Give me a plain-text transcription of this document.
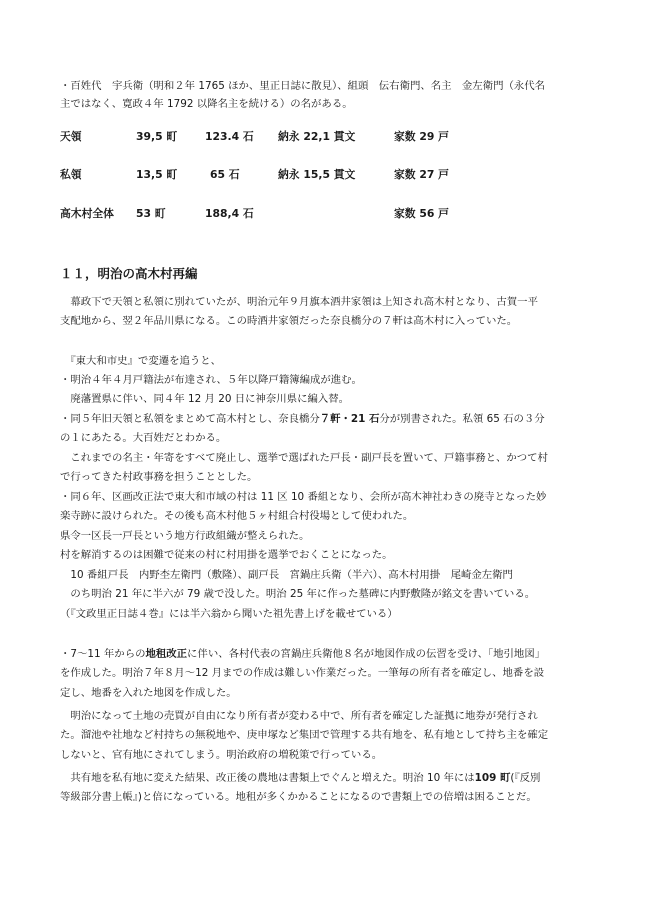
・百姓代　宇兵衛（明和２年 1765 ほか、里正日誌に散見）、組頭　伝右衛門、名主　金左衛門（永代名
主ではなく、寛政４年 1792 以降名主を続ける）の名がある。
天領	39,5 町	123.4 石 納永 22,1 貫文	家数 29 戸
私領	13,5 町	65 石	納永 15,5 貫文	家数 27 戸
高木村全体 53 町	188,4 石	家数 56 戸
１１，明治の高木村再編
　幕政下で天領と私領に別れていたが、明治元年９月旗本酒井家領は上知され高木村となり、古賀一平
支配地から、翌２年品川県になる。この時酒井家領だった奈良橋分の７軒は高木村に入っていた。
　『東大和市史』で変遷を追うと、
・明治４年４月戸籍法が布達され、５年以降戸籍簿編成が進む。
　廃藩置県に伴い、同４年 12 月 20 日に神奈川県に編入替。
・同５年旧天領と私領をまとめて高木村とし、奈良橋分７軒・21 石分が別書された。私領 65 石の３分
の１にあたる。大百姓だとわかる。
　これまでの名主・年寄をすべて廃止し、選挙で選ばれた戸長・副戸長を置いて、戸籍事務と、かつて村
で行ってきた村政事務を担うこととした。
・同６年、区画改正法で東大和市域の村は 11 区 10 番組となり、会所が高木神社わきの廃寺となった妙
楽寺跡に設けられた。その後も高木村他５ヶ村組合村役場として使われた。
県令一区長一戸長という地方行政組織が整えられた。
村を解消するのは困難で従来の村に村用掛を選挙でおくことになった。
　10 番組戸長　内野杢左衛門（敷隆）、副戸長　宮鍋庄兵衛（半六）、高木村用掛　尾崎金左衛門
　のち明治 21 年に半六が 79 歳で没した。明治 25 年に作った墓碑に内野敷隆が銘文を書いている。
（『文政里正日誌４巻』には半六翁から聞いた祖先書上げを載せている）
・7～11 年からの地租改正に伴い、各村代表の宮鍋庄兵衛他８名が地図作成の伝習を受け、「地引地図」
を作成した。明治７年８月～12 月までの作成は難しい作業だった。一筆毎の所有者を確定し、地番を設
定し、地番を入れた地図を作成した。
　明治になって土地の売買が自由になり所有者が変わる中で、所有者を確定した証拠に地券が発行され
た。溜池や社地など村持ちの無税地や、庚申塚など集団で管理する共有地を、私有地として持ち主を確定
しないと、官有地にされてしまう。明治政府の増税策で行っている。
　共有地を私有地に変えた結果、改正後の農地は書類上でぐんと増えた。明治 10 年には109 町(『反別
等級部分書上帳』)と倍になっている。地租が多くかかることになるので書類上での倍増は困ることだ。
